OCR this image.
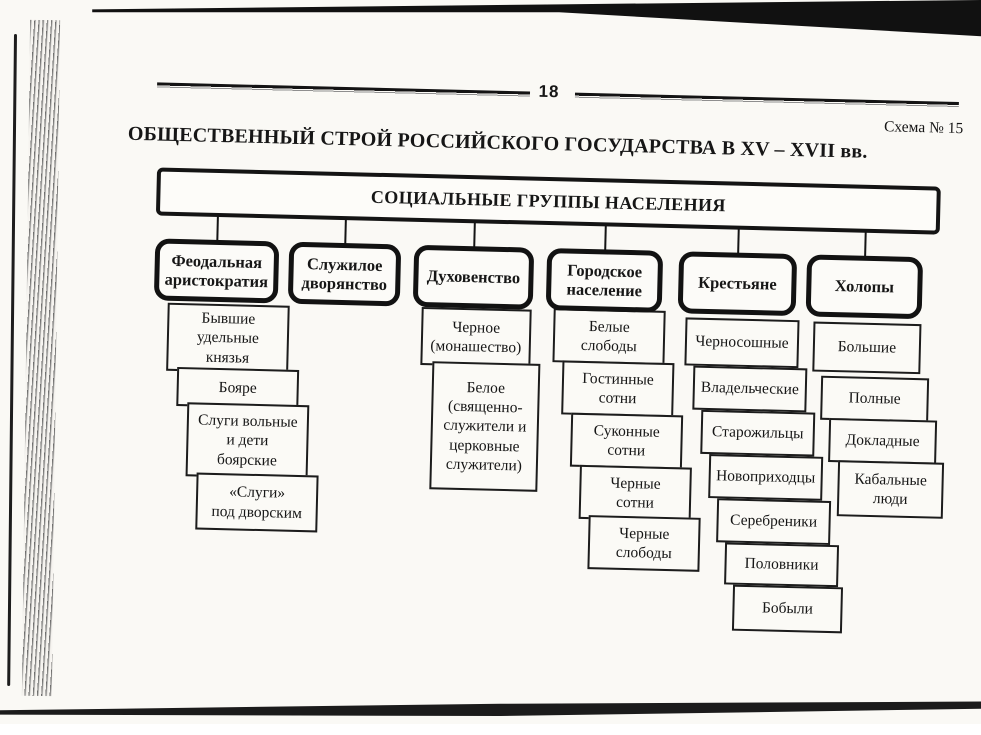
18
Схема № 15
ОБЩЕСТВЕННЫЙ СТРОЙ РОССИЙСКОГО ГОСУДАРСТВА В XV – XVII вв.
СОЦИАЛЬНЫЕ ГРУППЫ НАСЕЛЕНИЯ
Феодальная
аристократия
Бывшие
удельные
князья
Бояре
Слуги вольные
и дети
боярские
«Слуги»
под дворским
Служилое
дворянство Духовенство
Черное
(монашество)
Белое
(священно-
служители и
церковные
служители)
Городское
население
Белые
слободы
Гостинные
сотни
Суконные
сотни
Черные
сотни
Черные
слободы
Крестьяне
Черносошные
Владельческие
Старожильцы
Новоприходцы
Серебреники
Половники
Бобыли
Холопы
Большие
Полные
Докладные
Кабальные
люди
